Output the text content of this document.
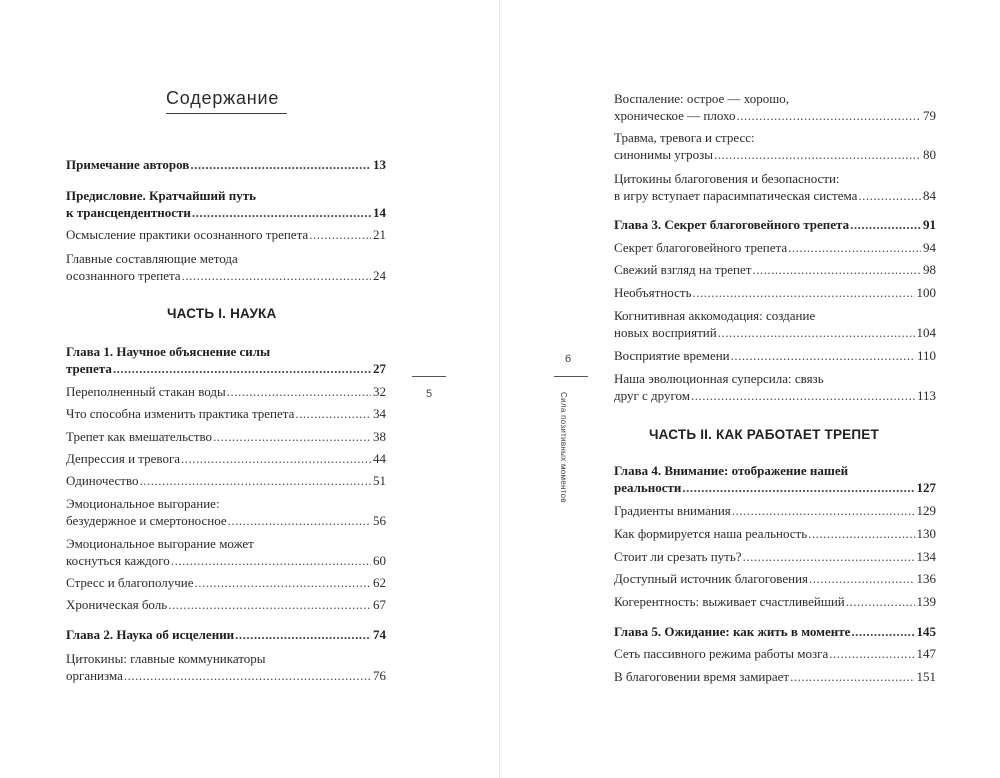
Содержание
Примечание авторов .....	13
Предисловие. Кратчайший путь
к трансцендентности .....	14
Осмысление практики осознанного трепета .....	21
Главные составляющие метода
осознанного трепета .....	24
ЧАСТЬ I. НАУКА
Глава 1. Научное объяснение силы
трепета .....	27
Переполненный стакан воды .....	32
Что способна изменить практика трепета .....	34
Трепет как вмешательство .....	38
Депрессия и тревога .....	44
Одиночество .....	51
Эмоциональное выгорание:
безудержное и смертоносное .....	56
Эмоциональное выгорание может
коснуться каждого .....	60
Стресс и благополучие .....	62
Хроническая боль .....	67
Глава 2. Наука об исцелении .....	74
Цитокины: главные коммуникаторы
организма .....	76
5
Воспаление: острое — хорошо,
хроническое — плохо .....	79
Травма, тревога и стресс:
синонимы угрозы .....	80
Цитокины благоговения и безопасности:
в игру вступает парасимпатическая система .....	84
Глава 3. Секрет благоговейного трепета .....	91
Секрет благоговейного трепета .....	94
Свежий взгляд на трепет .....	98
Необъятность .....	100
Когнитивная аккомодация: создание
новых восприятий .....	104
Восприятие времени .....	110
Наша эволюционная суперсила: связь
друг с другом .....	113
ЧАСТЬ II. КАК РАБОТАЕТ ТРЕПЕТ
Глава 4. Внимание: отображение нашей
реальности .....	127
Градиенты внимания .....	129
Как формируется наша реальность .....	130
Стоит ли срезать путь? .....	134
Доступный источник благоговения .....	136
Когерентность: выживает счастливейший .....	139
Глава 5. Ожидание: как жить в моменте .....	145
Сеть пассивного режима работы мозга .....	147
В благоговении время замирает .....	151
6
Сила позитивных моментов
